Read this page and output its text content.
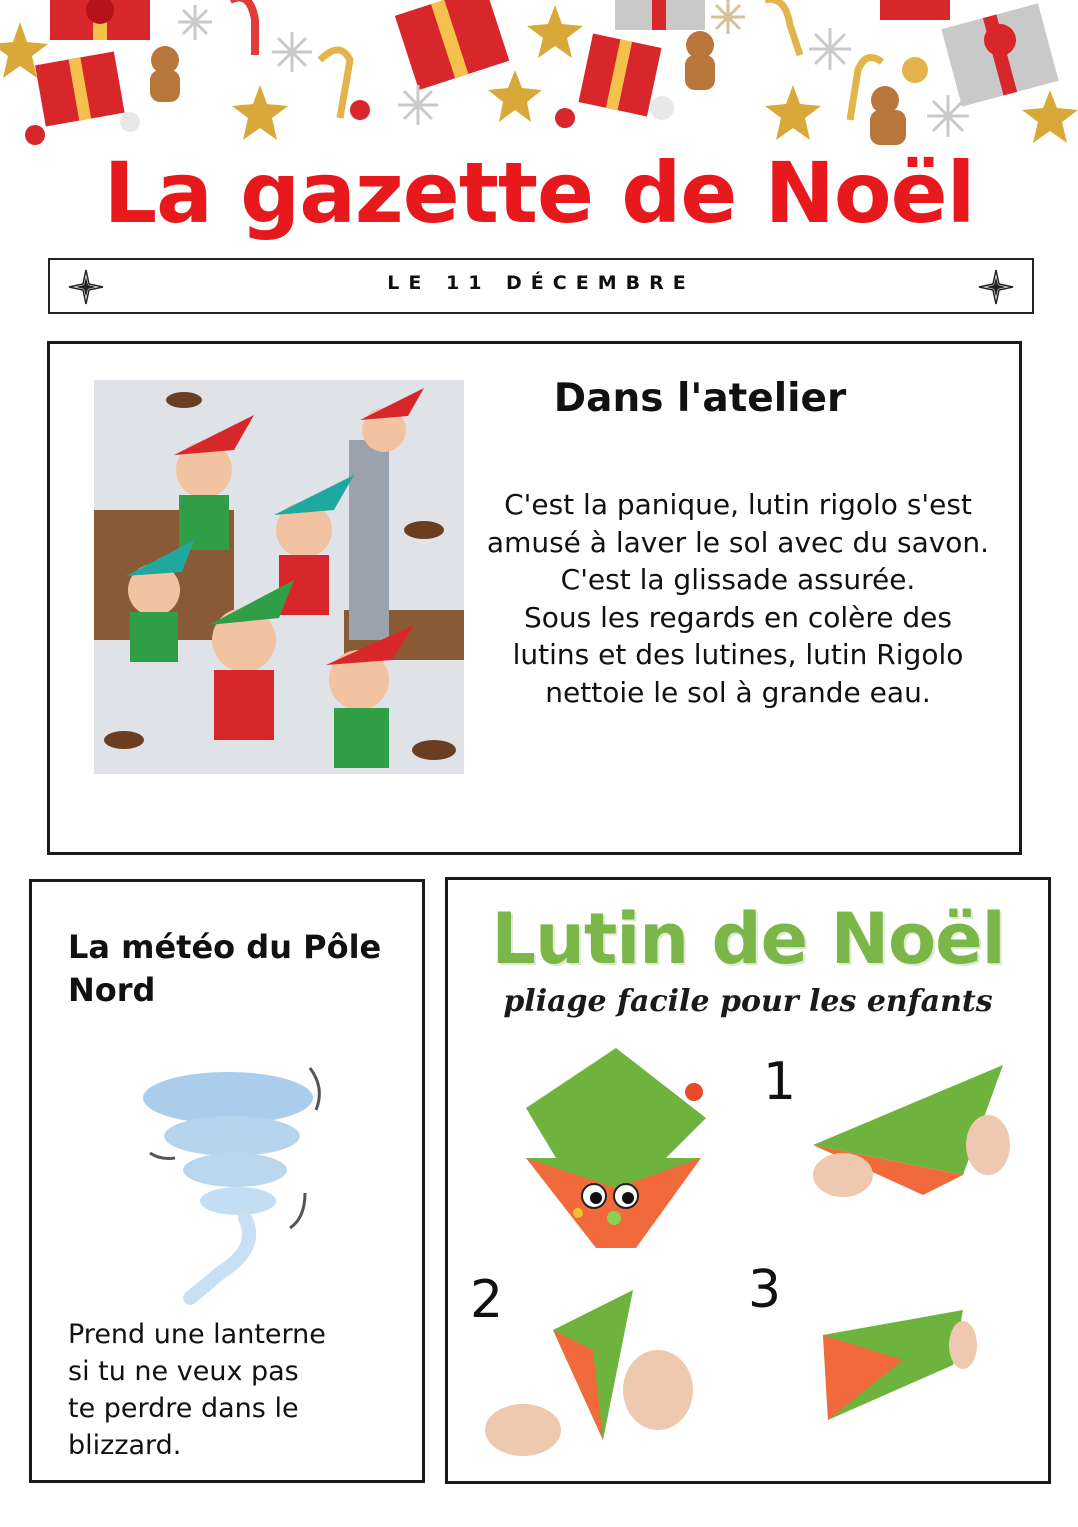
La gazette de Noël
LE 11 DÉCEMBRE
Dans l'atelier

C'est la panique, lutin rigolo s'est
amusé à laver le sol avec du savon.
C'est la glissade assurée.
Sous les regards en colère des
lutins et des lutines, lutin Rigolo
nettoie le sol à grande eau.

La météo du Pôle Nord

Prend une lanterne
si tu ne veux pas
te perdre dans le
blizzard.

Lutin de Noël

pliage facile pour les enfants

1
2	3
